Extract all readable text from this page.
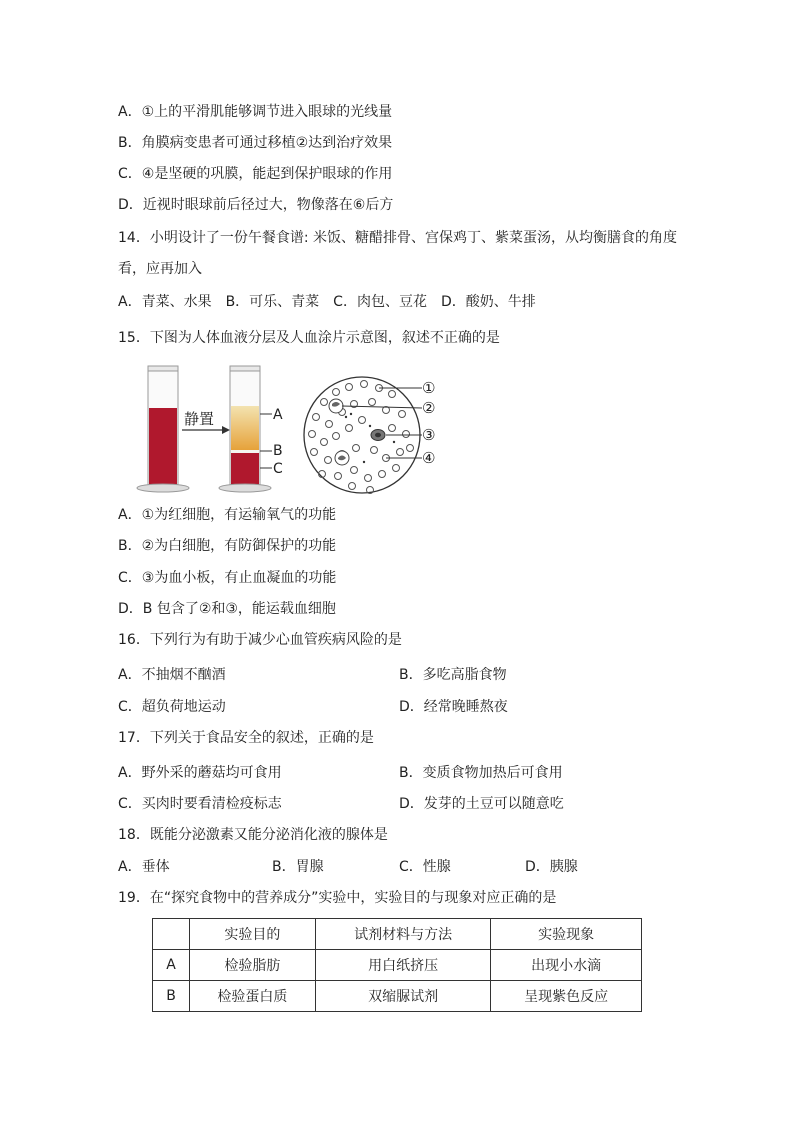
A．①上的平滑肌能够调节进入眼球的光线量
B．角膜病变患者可通过移植②达到治疗效果
C．④是坚硬的巩膜，能起到保护眼球的作用
D．近视时眼球前后径过大，物像落在⑥后方
14．小明设计了一份午餐食谱: 米饭、糖醋排骨、宫保鸡丁、紫菜蛋汤，从均衡膳食的角度
看，应再加入
A．青菜、水果　B．可乐、青菜　C．肉包、豆花　D．酸奶、牛排
15．下图为人体血液分层及人血涂片示意图，叙述不正确的是
静置	A
B
C
①
②
③
④
A．①为红细胞，有运输氧气的功能
B．②为白细胞，有防御保护的功能
C．③为血小板，有止血凝血的功能
D．B 包含了②和③，能运载血细胞
16．下列行为有助于减少心血管疾病风险的是
A．不抽烟不酗酒	B．多吃高脂食物
C．超负荷地运动	D．经常晚睡熬夜
17．下列关于食品安全的叙述，正确的是
A．野外采的蘑菇均可食用	B．变质食物加热后可食用
C．买肉时要看清检疫标志	D．发芽的土豆可以随意吃
18．既能分泌激素又能分泌消化液的腺体是
A．垂体	B．胃腺	C．性腺	D．胰腺
19．在“探究食物中的营养成分”实验中，实验目的与现象对应正确的是
	实验目的	试剂材料与方法	实验现象
A	检验脂肪	用白纸挤压	出现小水滴
B	检验蛋白质	双缩脲试剂	呈现紫色反应
